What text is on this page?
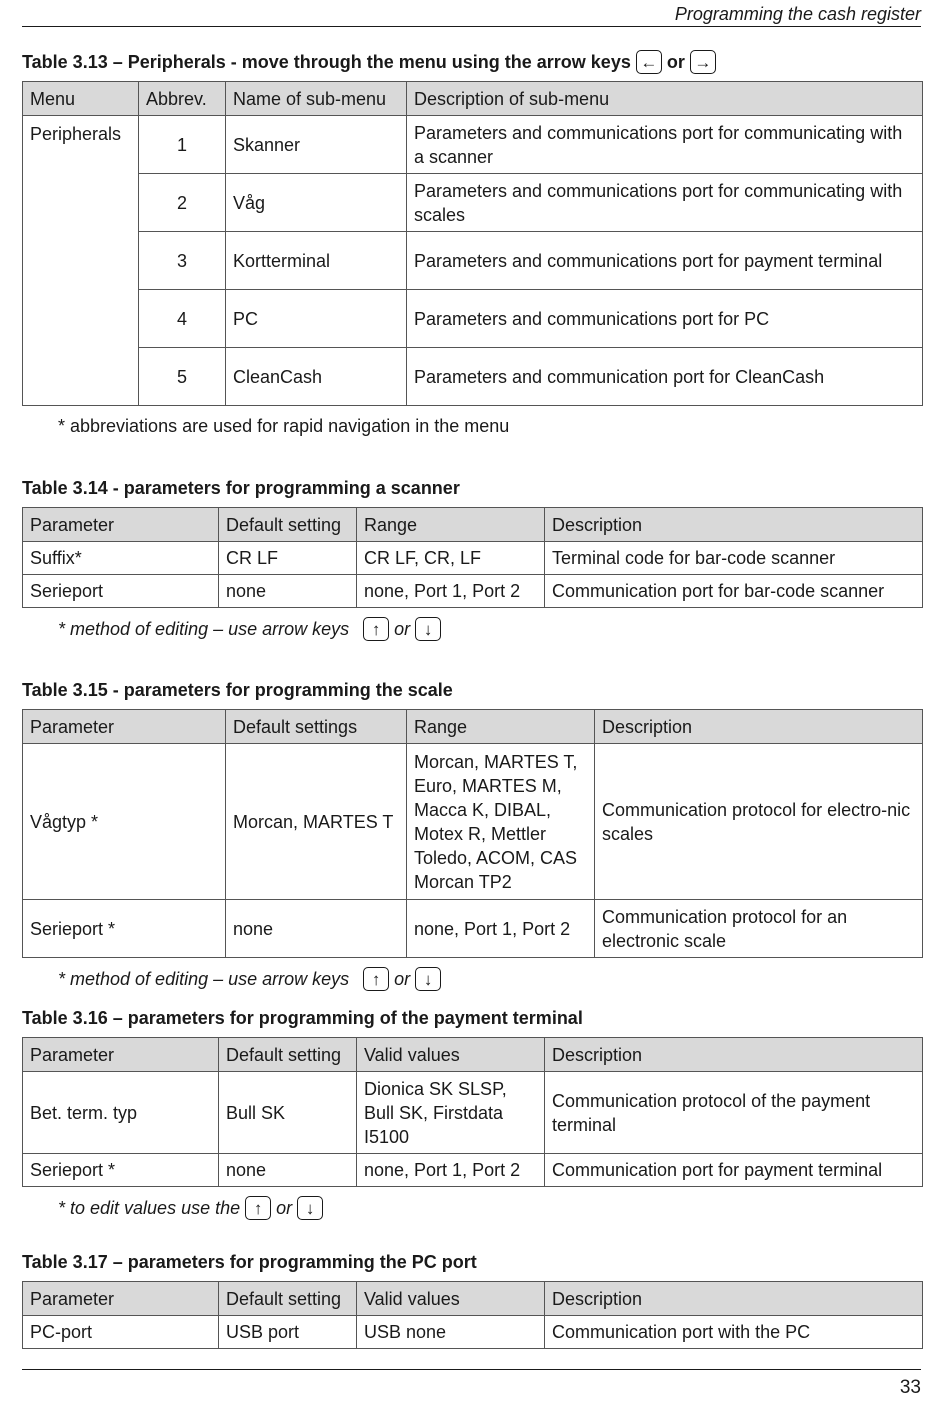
Programming the cash register
Table 3.13 – Peripherals - move through the menu using the arrow keys ← or →
Menu	Abbrev.	Name of sub-menu	Description of sub-menu
Peripherals	1	Skanner	Parameters and communications port for communicating with a scanner
	2	Våg	Parameters and communications port for communicating with scales
	3	Kortterminal	Parameters and communications port for payment terminal
	4	PC	Parameters and communications port for PC
	5	CleanCash	Parameters and communication port for CleanCash
* abbreviations are used for rapid navigation in the menu
Table 3.14 - parameters for programming a scanner
Parameter	Default setting	Range	Description
Suffix*	CR LF	CR LF, CR, LF	Terminal code for bar-code scanner
Serieport	none	none, Port 1, Port 2	Communication port for bar-code scanner
* method of editing – use arrow keys	↑ or ↓
Table 3.15 - parameters for programming the scale
Parameter	Default settings	Range	Description
Vågtyp *	Morcan, MARTES T	Morcan, MARTES T, Euro, MARTES M, Macca K, DIBAL, Motex R, Mettler Toledo, ACOM, CAS Morcan TP2	Communication protocol for electro-nic scales
Serieport *	none	none, Port 1, Port 2	Communication protocol for an electronic scale
* method of editing – use arrow keys	↑ or ↓
Table 3.16 – parameters for programming of the payment terminal
Parameter	Default setting	Valid values	Description
Bet. term. typ	Bull SK	Dionica SK SLSP, Bull SK, Firstdata I5100	Communication protocol of the payment terminal
Serieport *	none	none, Port 1, Port 2	Communication port for payment terminal
* to edit values use the ↑ or ↓
Table 3.17 – parameters for programming the PC port
Parameter	Default setting	Valid values	Description
PC-port	USB port	USB none	Communication port with the PC
33
